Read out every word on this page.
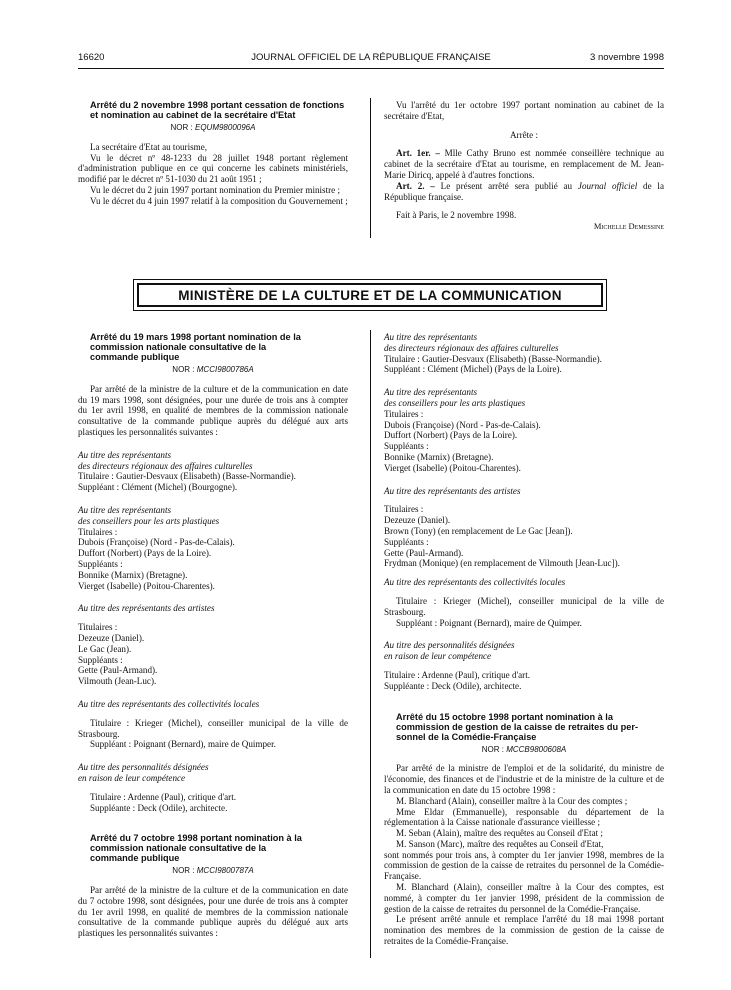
16620	JOURNAL OFFICIEL DE LA RÉPUBLIQUE FRANÇAISE	3 novembre 1998

Arrêté du 2 novembre 1998 portant cessation de fonctions

et nomination au cabinet de la secrétaire d'Etat

NOR : EQUM9800096A

La secrétaire d'Etat au tourisme,

Vu le décret nº 48-1233 du 28 juillet 1948 portant règlement d'administration publique en ce qui concerne les cabinets ministériels, modifié par le décret nº 51-1030 du 21 août 1951 ;

Vu le décret du 2 juin 1997 portant nomination du Premier ministre ;

Vu le décret du 4 juin 1997 relatif à la composition du Gouvernement ;

Vu l'arrêté du 1er octobre 1997 portant nomination au cabinet de la secrétaire d'Etat,

Arrête :

Art. 1er. – Mlle Cathy Bruno est nommée conseillère technique au cabinet de la secrétaire d'Etat au tourisme, en remplacement de M. Jean-Marie Diricq, appelé à d'autres fonctions.

Art. 2. – Le présent arrêté sera publié au Journal officiel de la République française.

Fait à Paris, le 2 novembre 1998.

Michelle Demessine

MINISTÈRE DE LA CULTURE ET DE LA COMMUNICATION

Arrêté du 19 mars 1998 portant nomination de la

commission nationale consultative de la

commande publique

NOR : MCCI9800786A

Par arrêté de la ministre de la culture et de la communication en date du 19 mars 1998, sont désignées, pour une durée de trois ans à compter du 1er avril 1998, en qualité de membres de la commission nationale consultative de la commande publique auprès du délégué aux arts plastiques les personnalités suivantes :

Au titre des représentants

des directeurs régionaux des affaires culturelles

Titulaire : Gautier-Desvaux (Elisabeth) (Basse-Normandie).

Suppléant : Clément (Michel) (Bourgogne).

Au titre des représentants

des conseillers pour les arts plastiques

Titulaires :

Dubois (Françoise) (Nord - Pas-de-Calais).

Duffort (Norbert) (Pays de la Loire).

Suppléants :

Bonnike (Marnix) (Bretagne).

Vierget (Isabelle) (Poitou-Charentes).

Au titre des représentants des artistes

Titulaires :

Dezeuze (Daniel).

Le Gac (Jean).

Suppléants :

Gette (Paul-Armand).

Vilmouth (Jean-Luc).

Au titre des représentants des collectivités locales

Titulaire : Krieger (Michel), conseiller municipal de la ville de Strasbourg.

Suppléant : Poignant (Bernard), maire de Quimper.

Au titre des personnalités désignées

en raison de leur compétence

Titulaire : Ardenne (Paul), critique d'art.

Suppléante : Deck (Odile), architecte.

Arrêté du 7 octobre 1998 portant nomination à la

commission nationale consultative de la

commande publique

NOR : MCCI9800787A

Par arrêté de la ministre de la culture et de la communication en date du 7 octobre 1998, sont désignées, pour une durée de trois ans à compter du 1er avril 1998, en qualité de membres de la commission nationale consultative de la commande publique auprès du délégué aux arts plastiques les personnalités suivantes :

Au titre des représentants

des directeurs régionaux des affaires culturelles

Titulaire : Gautier-Desvaux (Elisabeth) (Basse-Normandie).

Suppléant : Clément (Michel) (Pays de la Loire).

Au titre des représentants

des conseillers pour les arts plastiques

Titulaires :

Dubois (Françoise) (Nord - Pas-de-Calais).

Duffort (Norbert) (Pays de la Loire).

Suppléants :

Bonnike (Marnix) (Bretagne).

Vierget (Isabelle) (Poitou-Charentes).

Au titre des représentants des artistes

Titulaires :

Dezeuze (Daniel).

Brown (Tony) (en remplacement de Le Gac [Jean]).

Suppléants :

Gette (Paul-Armand).

Frydman (Monique) (en remplacement de Vilmouth [Jean-Luc]).

Au titre des représentants des collectivités locales

Titulaire : Krieger (Michel), conseiller municipal de la ville de Strasbourg.

Suppléant : Poignant (Bernard), maire de Quimper.

Au titre des personnalités désignées

en raison de leur compétence

Titulaire : Ardenne (Paul), critique d'art.

Suppléante : Deck (Odile), architecte.

Arrêté du 15 octobre 1998 portant nomination à la

commission de gestion de la caisse de retraites du per-

sonnel de la Comédie-Française

NOR : MCCB9800608A

Par arrêté de la ministre de l'emploi et de la solidarité, du ministre de l'économie, des finances et de l'industrie et de la ministre de la culture et de la communication en date du 15 octobre 1998 :

M. Blanchard (Alain), conseiller maître à la Cour des comptes ;

Mme Eldar (Emmanuelle), responsable du département de la réglementation à la Caisse nationale d'assurance vieillesse ;

M. Seban (Alain), maître des requêtes au Conseil d'Etat ;

M. Sanson (Marc), maître des requêtes au Conseil d'Etat,

sont nommés pour trois ans, à compter du 1er janvier 1998, membres de la commission de gestion de la caisse de retraites du personnel de la Comédie-Française.

M. Blanchard (Alain), conseiller maître à la Cour des comptes, est nommé, à compter du 1er janvier 1998, président de la commission de gestion de la caisse de retraites du personnel de la Comédie-Française.

Le présent arrêté annule et remplace l'arrêté du 18 mai 1998 portant nomination des membres de la commission de gestion de la caisse de retraites de la Comédie-Française.
